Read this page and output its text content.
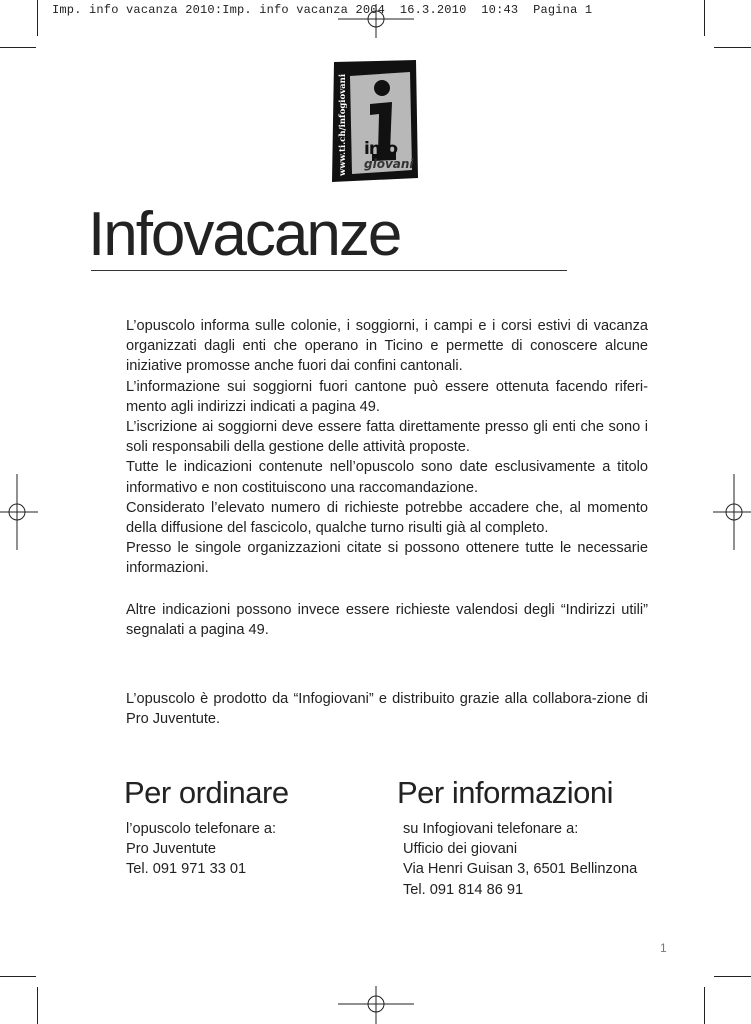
Imp. info vacanza 2010:Imp. info vacanza 2004  16.3.2010  10:43  Pagina 1
www.ti.ch/infogiovani info
giovani
Infovacanze

L’opuscolo informa sulle colonie, i soggiorni, i campi e i corsi estivi di vacanza organizzati dagli enti che operano in Ticino e permette di conoscere alcune iniziative promosse anche fuori dai confini cantonali.

L’informazione sui soggiorni fuori cantone può essere ottenuta facendo riferi-mento agli indirizzi indicati a pagina 49.

L’iscrizione ai soggiorni deve essere fatta direttamente presso gli enti che sono i soli responsabili della gestione delle attività proposte.

Tutte le indicazioni contenute nell’opuscolo sono date esclusivamente a titolo informativo e non costituiscono una raccomandazione.

Considerato l’elevato numero di richieste potrebbe accadere che, al momento della diffusione del fascicolo, qualche turno risulti già al completo.

Presso le singole organizzazioni citate si possono ottenere tutte le necessarie informazioni.

Altre indicazioni possono invece essere richieste valendosi degli “Indirizzi utili” segnalati a pagina 49.

L’opuscolo è prodotto da “Infogiovani” e distribuito grazie alla collabora-zione di Pro Juventute.

Per ordinare
l’opuscolo telefonare a:
Pro Juventute
Tel. 091 971 33 01
Per informazioni
su Infogiovani telefonare a:
Ufficio dei giovani
Via Henri Guisan 3, 6501 Bellinzona
Tel. 091 814 86 91
1
